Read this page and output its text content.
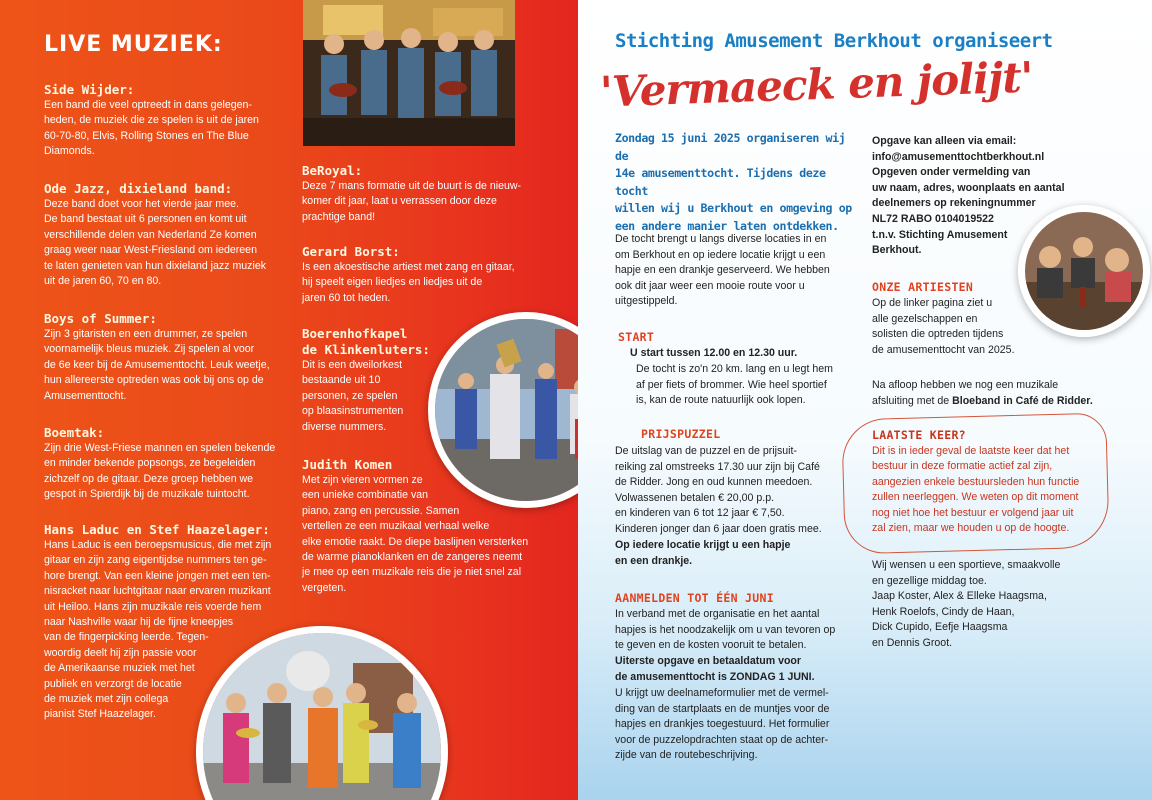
LIVE MUZIEK:
Side Wijder:
Een band die veel optreedt in dans gelegen-
heden, de muziek die ze spelen is uit de jaren
60-70-80, Elvis, Rolling Stones en The Blue
Diamonds.
Ode Jazz, dixieland band:
Deze band doet voor het vierde jaar mee.
De band bestaat uit 6 personen en komt uit
verschillende delen van Nederland Ze komen
graag weer naar West-Friesland om iedereen
te laten genieten van hun dixieland jazz muziek
uit de jaren 60, 70 en 80.
Boys of Summer:
Zijn 3 gitaristen en een drummer, ze spelen
voornamelijk bleus muziek. Zij spelen al voor
de 6e keer bij de Amusementtocht. Leuk weetje,
hun allereerste optreden was ook bij ons op de
Amusementtocht.
Boemtak:
Zijn drie West-Friese mannen en spelen bekende
en minder bekende popsongs, ze begeleiden
zichzelf op de gitaar. Deze groep hebben we
gespot in Spierdijk bij de muzikale tuintocht.
Hans Laduc en Stef Haazelager:
Hans Laduc is een beroepsmusicus, die met zijn
gitaar en zijn zang eigentijdse nummers ten ge-
hore brengt. Van een kleine jongen met een ten-
nisracket naar luchtgitaar naar ervaren muzikant
uit Heiloo. Hans zijn muzikale reis voerde hem
naar Nashville waar hij de fijne kneepjes
van de fingerpicking leerde. Tegen-
woordig deelt hij zijn passie voor
de Amerikaanse muziek met het
publiek en verzorgt de locatie
de muziek met zijn collega
pianist Stef Haazelager.
BeRoyal:
Deze 7 mans formatie uit de buurt is de nieuw-
komer dit jaar, laat u verrassen door deze
prachtige band!
Gerard Borst:
Is een akoestische artiest met zang en gitaar,
hij speelt eigen liedjes en liedjes uit de
jaren 60 tot heden.
Boerenhofkapel
de Klinkenluters:
Dit is een dweilorkest
bestaande uit 10
personen, ze spelen
op blaasinstrumenten
diverse nummers.
Judith Komen
Met zijn vieren vormen ze
een unieke combinatie van
piano, zang en percussie. Samen
vertellen ze een muzikaal verhaal welke
elke emotie raakt. De diepe baslijnen versterken
de warme pianoklanken en de zangeres neemt
je mee op een muzikale reis die je niet snel zal
vergeten.
Stichting Amusement Berkhout organiseert
'Vermaeck en jolijt'

Zondag 15 juni 2025 organiseren wij de
14e amusementtocht. Tijdens deze tocht
willen wij u Berkhout en omgeving op
een andere manier laten ontdekken.

De tocht brengt u langs diverse locaties in en
om Berkhout en op iedere locatie krijgt u een
hapje en een drankje geserveerd. We hebben
ook dit jaar weer een mooie route voor u
uitgestippeld.

START

U start tussen 12.00 en 12.30 uur.

De tocht is zo'n 20 km. lang en u legt hem
af per fiets of brommer. Wie heel sportief
is, kan de route natuurlijk ook lopen.

PRIJSPUZZEL

De uitslag van de puzzel en de prijsuit-
reiking zal omstreeks 17.30 uur zijn bij Café
de Ridder. Jong en oud kunnen meedoen.
Volwassenen betalen € 20,00 p.p.
en kinderen van 6 tot 12 jaar € 7,50.
Kinderen jonger dan 6 jaar doen gratis mee.

Op iedere locatie krijgt u een hapje
en een drankje.

AANMELDEN TOT ÉÉN JUNI

In verband met de organisatie en het aantal
hapjes is het noodzakelijk om u van tevoren op
te geven en de kosten vooruit te betalen.

Uiterste opgave en betaaldatum voor
de amusementtocht is ZONDAG 1 JUNI.

U krijgt uw deelnameformulier met de vermel-
ding van de startplaats en de muntjes voor de
hapjes en drankjes toegestuurd. Het formulier
voor de puzzelopdrachten staat op de achter-
zijde van de routebeschrijving.

Opgave kan alleen via email:
info@amusementtochtberkhout.nl
Opgeven onder vermelding van
uw naam, adres, woonplaats en aantal
deelnemers op rekeningnummer
NL72 RABO 0104019522
t.n.v. Stichting Amusement
Berkhout.

ONZE ARTIESTEN

Op de linker pagina ziet u
alle gezelschappen en
solisten die optreden tijdens
de amusementtocht van 2025.

Na afloop hebben we nog een muzikale
afsluiting met de Bloeband in Café de Ridder.

LAATSTE KEER?

Dit is in ieder geval de laatste keer dat het
bestuur in deze formatie actief zal zijn,
aangezien enkele bestuursleden hun functie
zullen neerleggen. We weten op dit moment
nog niet hoe het bestuur er volgend jaar uit
zal zien, maar we houden u op de hoogte.

Wij wensen u een sportieve, smaakvolle
en gezellige middag toe.
Jaap Koster, Alex & Elleke Haagsma,
Henk Roelofs, Cindy de Haan,
Dick Cupido, Eefje Haagsma
en Dennis Groot.
